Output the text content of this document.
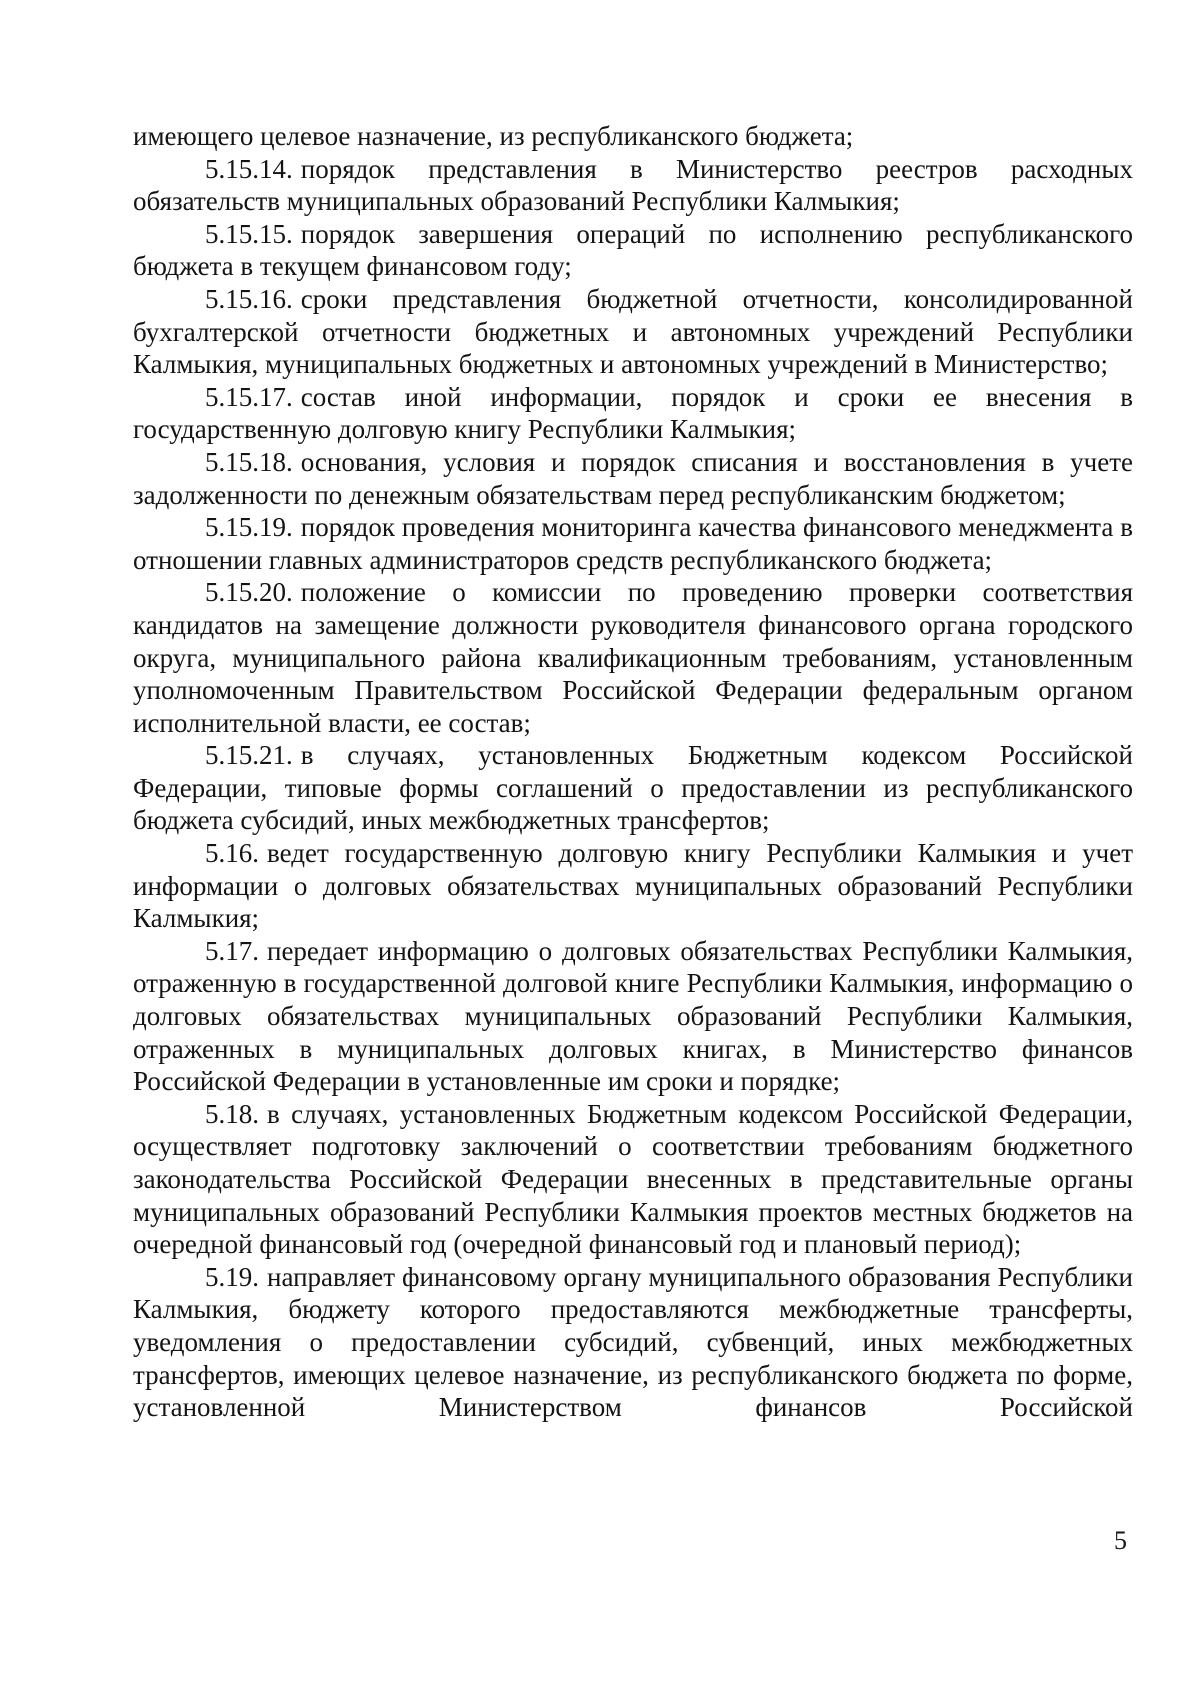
имеющего целевое назначение, из республиканского бюджета;

5.15.14. порядок представления в Министерство реестров расходных обязательств муниципальных образований Республики Калмыкия;

5.15.15. порядок завершения операций по исполнению республиканского бюджета в текущем финансовом году;

5.15.16. сроки представления бюджетной отчетности, консолидированной бухгалтерской отчетности бюджетных и автономных учреждений Республики Калмыкия, муниципальных бюджетных и автономных учреждений в Министерство;

5.15.17. состав иной информации, порядок и сроки ее внесения в государственную долговую книгу Республики Калмыкия;

5.15.18. основания, условия и порядок списания и восстановления в учете задолженности по денежным обязательствам перед республиканским бюджетом;

5.15.19. порядок проведения мониторинга качества финансового менеджмента в отношении главных администраторов средств республиканского бюджета;

5.15.20. положение о комиссии по проведению проверки соответствия кандидатов на замещение должности руководителя финансового органа городского округа, муниципального района квалификационным требованиям, установленным уполномоченным Правительством Российской Федерации федеральным органом исполнительной власти, ее состав;

5.15.21. в случаях, установленных Бюджетным кодексом Российской Федерации, типовые формы соглашений о предоставлении из республиканского бюджета субсидий, иных межбюджетных трансфертов;

5.16. ведет государственную долговую книгу Республики Калмыкия и учет информации о долговых обязательствах муниципальных образований Республики Калмыкия;

5.17. передает информацию о долговых обязательствах Республики Калмыкия, отраженную в государственной долговой книге Республики Калмыкия, информацию о долговых обязательствах муниципальных образований Республики Калмыкия, отраженных в муниципальных долговых книгах, в Министерство финансов Российской Федерации в установленные им сроки и порядке;

5.18. в случаях, установленных Бюджетным кодексом Российской Федерации, осуществляет подготовку заключений о соответствии требованиям бюджетного законодательства Российской Федерации внесенных в представительные органы муниципальных образований Республики Калмыкия проектов местных бюджетов на очередной финансовый год (очередной финансовый год и плановый период);

5.19. направляет финансовому органу муниципального образования Республики Калмыкия, бюджету которого предоставляются межбюджетные трансферты, уведомления о предоставлении субсидий, субвенций, иных межбюджетных трансфертов, имеющих целевое назначение, из республиканского бюджета по форме, установленной Министерством финансов Российской

5
